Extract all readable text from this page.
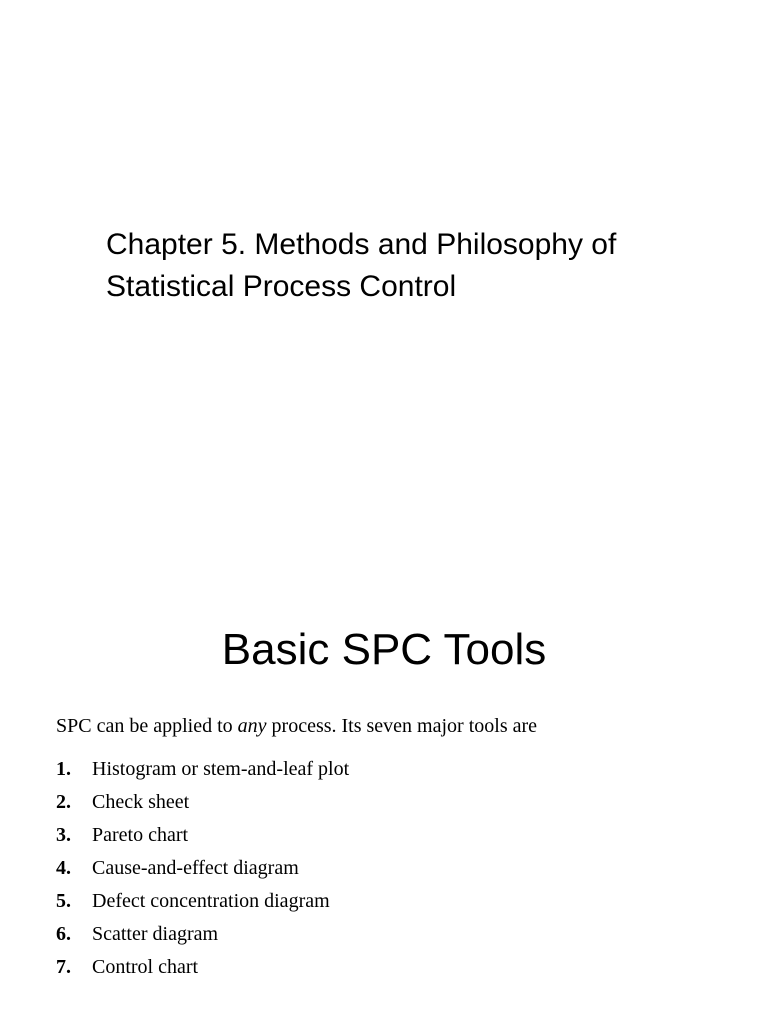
Chapter 5. Methods and Philosophy of
Statistical Process Control
Basic SPC Tools

SPC can be applied to any process. Its seven major tools are

1.	Histogram or stem-and-leaf plot
2.	Check sheet
3.	Pareto chart
4.	Cause-and-effect diagram
5.	Defect concentration diagram
6.	Scatter diagram
7.	Control chart
